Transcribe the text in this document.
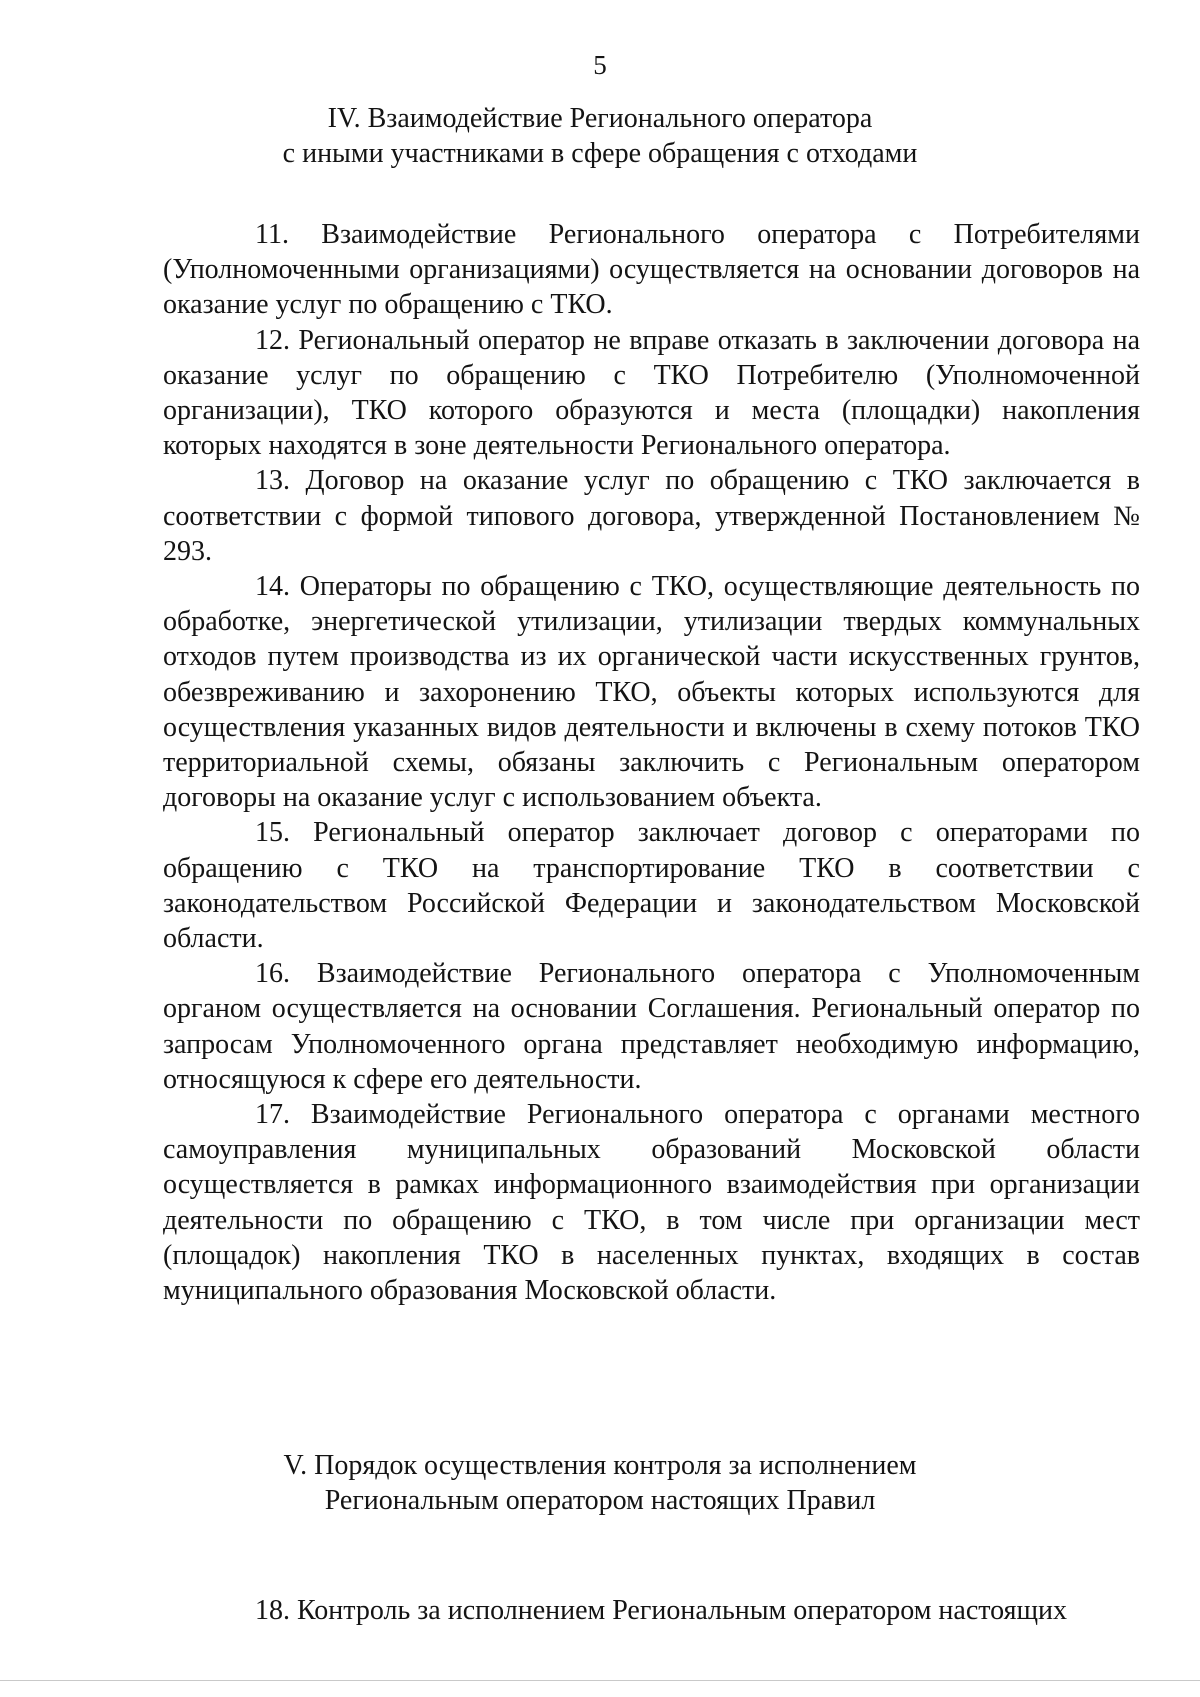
5
IV. Взаимодействие Регионального оператора
с иными участниками в сфере обращения с отходами

11. Взаимодействие Регионального оператора с Потребителями (Уполномоченными организациями) осуществляется на основании договоров на оказание услуг по обращению с ТКО.

12. Региональный оператор не вправе отказать в заключении договора на оказание услуг по обращению с ТКО Потребителю (Уполномоченной организации), ТКО которого образуются и места (площадки) накопления которых находятся в зоне деятельности Регионального оператора.

13. Договор на оказание услуг по обращению с ТКО заключается в соответствии с формой типового договора, утвержденной Постановлением № 293.

14. Операторы по обращению с ТКО, осуществляющие деятельность по обработке, энергетической утилизации, утилизации твердых коммунальных отходов путем производства из их органической части искусственных грунтов, обезвреживанию и захоронению ТКО, объекты которых используются для осуществления указанных видов деятельности и включены в схему потоков ТКО территориальной схемы, обязаны заключить с Региональным оператором договоры на оказание услуг с использованием объекта.

15. Региональный оператор заключает договор с операторами по обращению с ТКО на транспортирование ТКО в соответствии с законодательством Российской Федерации и законодательством Московской области.

16. Взаимодействие Регионального оператора с Уполномоченным органом осуществляется на основании Соглашения. Региональный оператор по запросам Уполномоченного органа представляет необходимую информацию, относящуюся к сфере его деятельности.

17. Взаимодействие Регионального оператора с органами местного самоуправления муниципальных образований Московской области осуществляется в рамках информационного взаимодействия при организации деятельности по обращению с ТКО, в том числе при организации мест (площадок) накопления ТКО в населенных пунктах, входящих в состав муниципального образования Московской области.

V. Порядок осуществления контроля за исполнением
Региональным оператором настоящих Правил

18. Контроль за исполнением Региональным оператором настоящих
